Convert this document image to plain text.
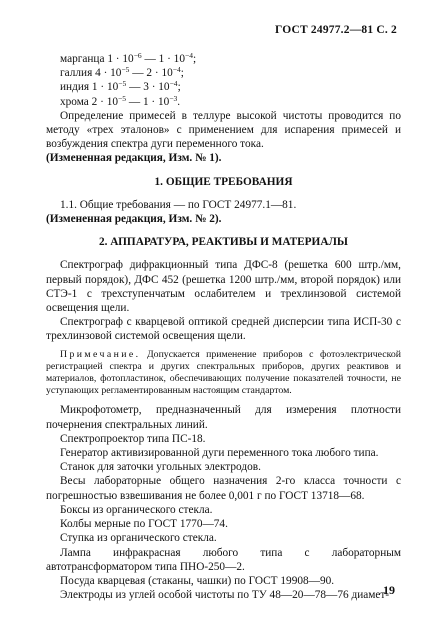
ГОСТ 24977.2—81 С. 2
марганца $1 \cdot 10^{-6}$ — $1 \cdot 10^{-4}$;
галлия $4 \cdot 10^{-5}$ — $2 \cdot 10^{-4}$;
индия $1 \cdot 10^{-5}$ — $3 \cdot 10^{-4}$;
хрома $2 \cdot 10^{-5}$ — $1 \cdot 10^{-3}$.
Определение примесей в теллуре высокой чистоты проводится по методу «трех эталонов» с применением для испарения примесей и возбуждения спектра дуги переменного тока.
(Измененная редакция, Изм. № 1).
1. ОБЩИЕ ТРЕБОВАНИЯ
1.1. Общие требования — по ГОСТ 24977.1—81.
(Измененная редакция, Изм. № 2).
2. АППАРАТУРА, РЕАКТИВЫ И МАТЕРИАЛЫ
Спектрограф дифракционный типа ДФС-8 (решетка 600 штр./мм, первый порядок), ДФС 452 (решетка 1200 штр./мм, второй порядок) или СТЭ-1 с трехступенчатым ослабителем и трехлинзовой системой освещения щели.
Спектрограф с кварцевой оптикой средней дисперсии типа ИСП-30 с трехлинзовой системой освещения щели.
Примечание. Допускается применение приборов с фотоэлектрической регистрацией спектра и других спектральных приборов, других реактивов и материалов, фотопластинок, обеспечивающих получение показателей точности, не уступающих регламентированным настоящим стандартом.
Микрофотометр, предназначенный для измерения плотности почернения спектральных линий.
Спектропроектор типа ПС-18.
Генератор активизированной дуги переменного тока любого типа.
Станок для заточки угольных электродов.
Весы лабораторные общего назначения 2-го класса точности с погрешностью взвешивания не более 0,001 г по ГОСТ 13718—68.
Боксы из органического стекла.
Колбы мерные по ГОСТ 1770—74.
Ступка из органического стекла.
Лампа инфракрасная любого типа с лабораторным автотрансформатором типа ПНО-250—2.
Посуда кварцевая (стаканы, чашки) по ГОСТ 19908—90.
Электроды из углей особой чистоты по ТУ 48—20—78—76 диамет-
19
